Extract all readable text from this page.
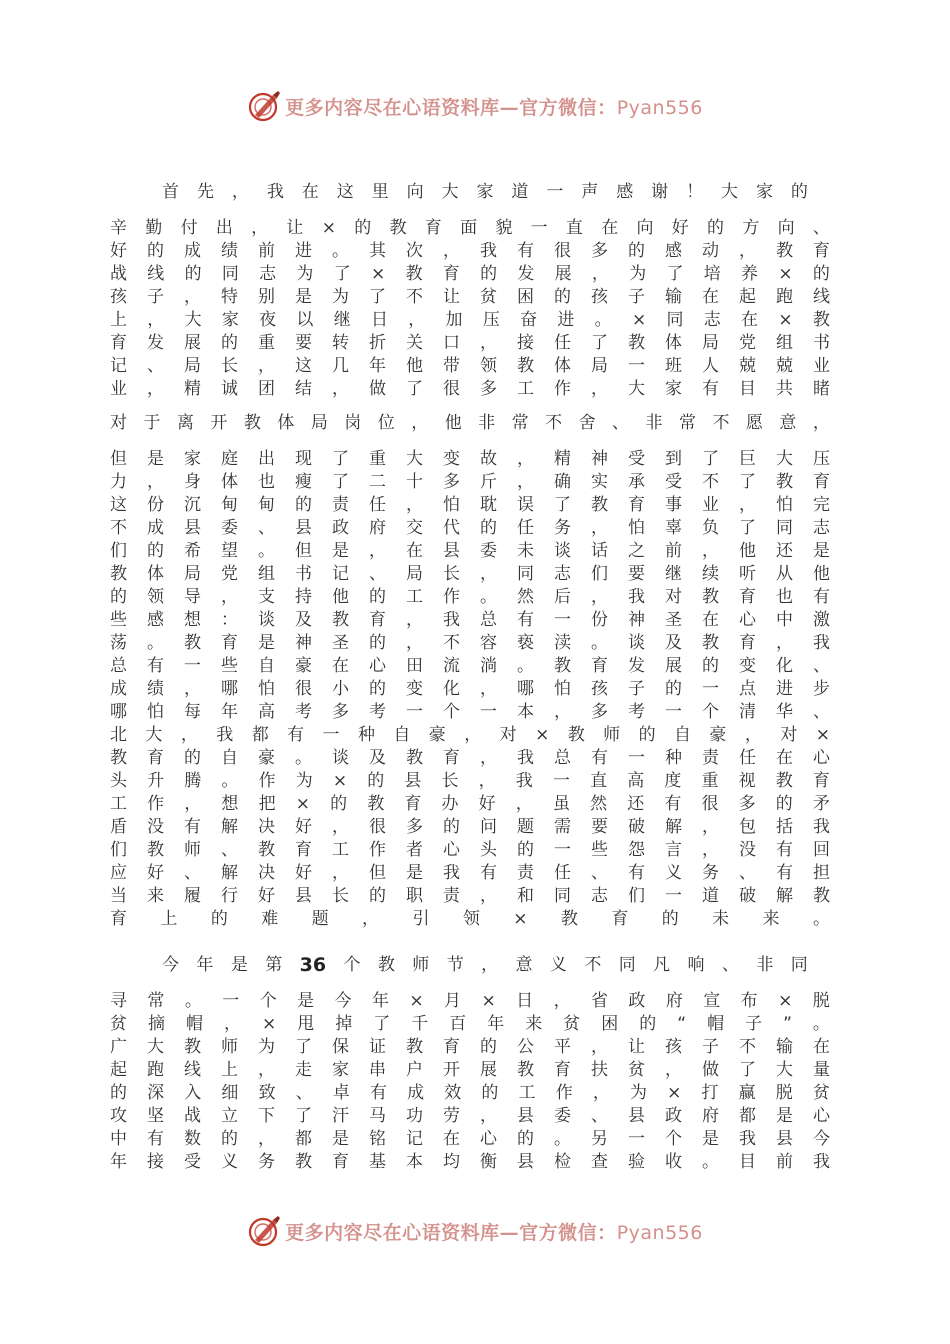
更多内容尽在心语资料库—官方微信：Pyan556
首 先 ， 我 在 这 里 向 大 家 道 一 声 感 谢 ！ 大 家 的
辛 勤 付 出 ， 让 × 的 教 育 面 貌 一 直 在 向 好 的 方 向 、
好 的 成 绩 前 进 。 其 次 ， 我 有 很 多 的 感 动 ， 教 育
战 线 的 同 志 为 了 × 教 育 的 发 展 ， 为 了 培 养 × 的
孩 子 ， 特 别 是 为 了 不 让 贫 困 的 孩 子 输 在 起 跑 线
上 ， 大 家 夜 以 继 日 ， 加 压 奋 进 。 × 同 志 在 × 教
育 发 展 的 重 要 转 折 关 口 ， 接 任 了 教 体 局 党 组 书
记 、 局 长 ， 这 几 年 他 带 领 教 体 局 一 班 人 兢 兢 业
业 ， 精 诚 团 结 ， 做 了 很 多 工 作 ， 大 家 有 目 共 睹
对 于 离 开 教 体 局 岗 位 ， 他 非 常 不 舍 、 非 常 不 愿 意 ，
但 是 家 庭 出 现 了 重 大 变 故 ， 精 神 受 到 了 巨 大 压
力 ， 身 体 也 瘦 了 二 十 多 斤 ， 确 实 承 受 不 了 教 育
这 份 沉 甸 甸 的 责 任 ， 怕 耽 误 了 教 育 事 业 ， 怕 完
不 成 县 委 、 县 政 府 交 代 的 任 务 ， 怕 辜 负 了 同 志
们 的 希 望 。 但 是 ， 在 县 委 未 谈 话 之 前 ， 他 还 是
教 体 局 党 组 书 记 、 局 长 ， 同 志 们 要 继 续 听 从 他
的 领 导 ， 支 持 他 的 工 作 。 然 后 ， 我 对 教 育 也 有
些 感 想 ： 谈 及 教 育 ， 我 总 有 一 份 神 圣 在 心 中 激
荡 。 教 育 是 神 圣 的 ， 不 容 亵 渎 。 谈 及 教 育 ， 我
总 有 一 些 自 豪 在 心 田 流 淌 。 教 育 发 展 的 变 化 、
成 绩 ， 哪 怕 很 小 的 变 化 ， 哪 怕 孩 子 的 一 点 进 步
哪 怕 每 年 高 考 多 考 一 个 一 本 ， 多 考 一 个 清 华 、
北 大 ， 我 都 有 一 种 自 豪 ， 对 × 教 师 的 自 豪 ， 对 ×
教 育 的 自 豪 。 谈 及 教 育 ， 我 总 有 一 种 责 任 在 心
头 升 腾 。 作 为 × 的 县 长 ， 我 一 直 高 度 重 视 教 育
工 作 ， 想 把 × 的 教 育 办 好 ， 虽 然 还 有 很 多 的 矛
盾 没 有 解 决 好 ， 很 多 的 问 题 需 要 破 解 ， 包 括 我
们 教 师 、 教 育 工 作 者 心 头 的 一 些 怨 言 ， 没 有 回
应 好 、 解 决 好 ， 但 是 我 有 责 任 、 有 义 务 、 有 担
当 来 履 行 好 县 长 的 职 责 ， 和 同 志 们 一 道 破 解 教
育 上 的 难 题 ， 引 领 × 教 育 的 未 来 。
今 年 是 第 36 个 教 师 节 ， 意 义 不 同 凡 响 、 非 同
寻 常 。 一 个 是 今 年 × 月 × 日 ， 省 政 府 宣 布 × 脱
贫 摘 帽 ， × 甩 掉 了 千 百 年 来 贫 困 的 “ 帽 子 ” 。
广 大 教 师 为 了 保 证 教 育 的 公 平 ， 让 孩 子 不 输 在
起 跑 线 上 ， 走 家 串 户 开 展 教 育 扶 贫 ， 做 了 大 量
的 深 入 细 致 、 卓 有 成 效 的 工 作 ， 为 × 打 赢 脱 贫
攻 坚 战 立 下 了 汗 马 功 劳 ， 县 委 、 县 政 府 都 是 心
中 有 数 的 ， 都 是 铭 记 在 心 的 。 另 一 个 是 我 县 今
年 接 受 义 务 教 育 基 本 均 衡 县 检 查 验 收 。 目 前 我
更多内容尽在心语资料库—官方微信：Pyan556
